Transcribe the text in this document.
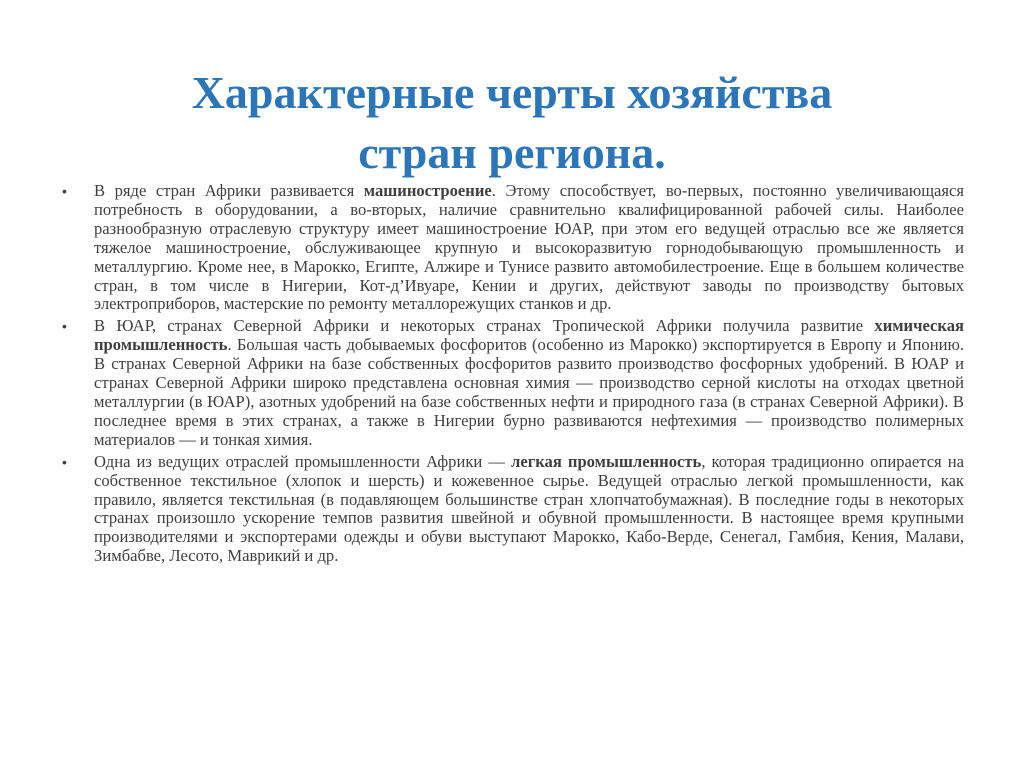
Характерные черты хозяйства
стран региона.
• В ряде стран Африки развивается машиностроение. Этому способствует, во-первых, постоянно увеличивающаяся потребность в оборудовании, а во-вторых, наличие сравнительно квалифицированной рабочей силы. Наиболее разнообразную отраслевую структуру имеет машиностроение ЮАР, при этом его ведущей отраслью все же является тяжелое машиностроение, обслуживающее крупную и высокоразвитую горнодобывающую промышленность и металлургию. Кроме нее, в Марокко, Египте, Алжире и Тунисе развито автомобилестроение. Еще в большем количестве стран, в том числе в Нигерии, Кот-д’Ивуаре, Кении и других, действуют заводы по производству бытовых электроприборов, мастерские по ремонту металлорежущих станков и др.
• В ЮАР, странах Северной Африки и некоторых странах Тропической Африки получила развитие химическая промышленность. Большая часть добываемых фосфоритов (особенно из Марокко) экспортируется в Европу и Японию. В странах Северной Африки на базе собственных фосфоритов развито производство фосфорных удобрений. В ЮАР и странах Северной Африки широко представлена основная химия — производство серной кислоты на отходах цветной металлургии (в ЮАР), азотных удобрений на базе собственных нефти и природного газа (в странах Северной Африки). В последнее время в этих странах, а также в Нигерии бурно развиваются нефтехимия — производство полимерных материалов — и тонкая химия.
• Одна из ведущих отраслей промышленности Африки — легкая промышленность, которая традиционно опирается на собственное текстильное (хлопок и шерсть) и кожевенное сырье. Ведущей отраслью легкой промышленности, как правило, является текстильная (в подавляющем большинстве стран хлопчатобумажная). В последние годы в некоторых странах произошло ускорение темпов развития швейной и обувной промышленности. В настоящее время крупными производителями и экспортерами одежды и обуви выступают Марокко, Кабо-Верде, Сенегал, Гамбия, Кения, Малави, Зимбабве, Лесото, Маврикий и др.
